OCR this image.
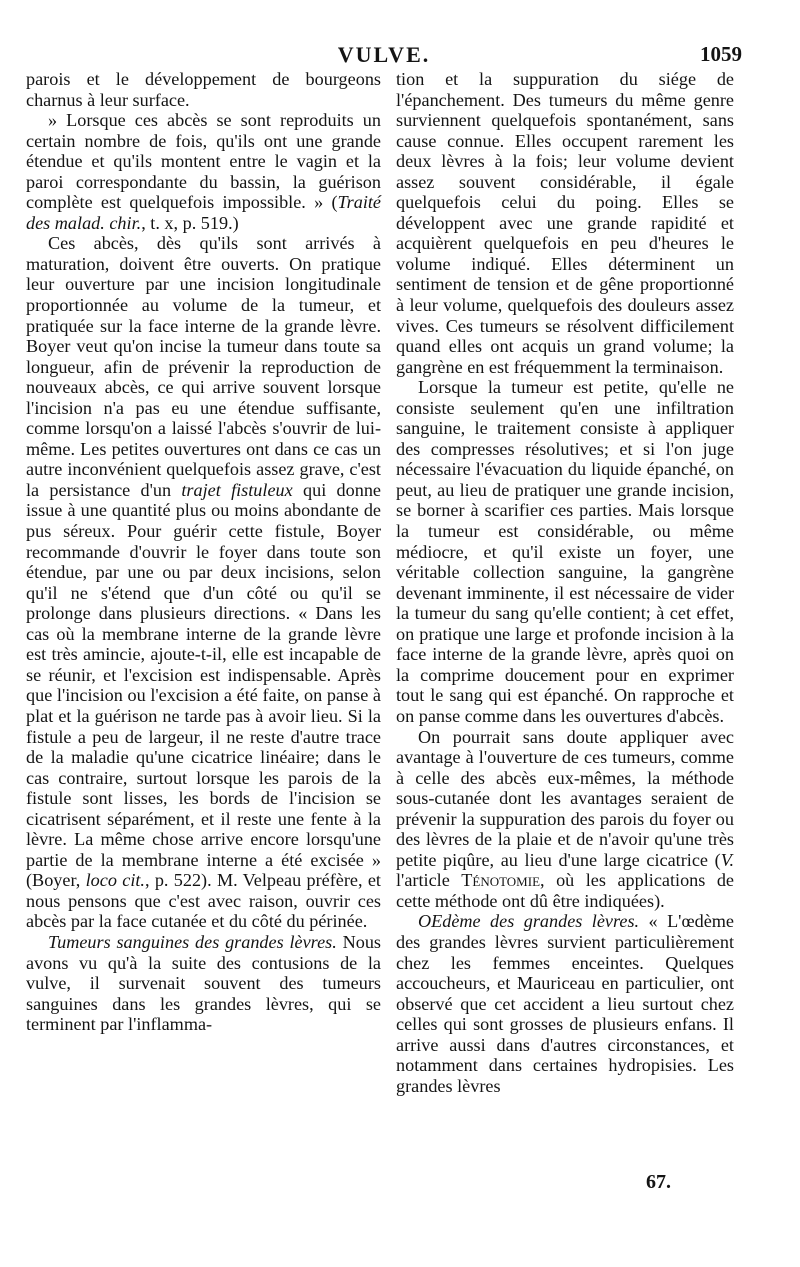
VULVE.	1059

parois et le développement de bourgeons charnus à leur surface.

» Lorsque ces abcès se sont reproduits un certain nombre de fois, qu'ils ont une grande étendue et qu'ils montent entre le vagin et la paroi correspondante du bassin, la guérison complète est quelquefois impossible. » (Traité des malad. chir., t. x, p. 519.)

Ces abcès, dès qu'ils sont arrivés à maturation, doivent être ouverts. On pratique leur ouverture par une incision longitudinale proportionnée au volume de la tumeur, et pratiquée sur la face interne de la grande lèvre. Boyer veut qu'on incise la tumeur dans toute sa longueur, afin de prévenir la reproduction de nouveaux abcès, ce qui arrive souvent lorsque l'incision n'a pas eu une étendue suffisante, comme lorsqu'on a laissé l'abcès s'ouvrir de lui-même. Les petites ouvertures ont dans ce cas un autre inconvénient quelquefois assez grave, c'est la persistance d'un trajet fistuleux qui donne issue à une quantité plus ou moins abondante de pus séreux. Pour guérir cette fistule, Boyer recommande d'ouvrir le foyer dans toute son étendue, par une ou par deux incisions, selon qu'il ne s'étend que d'un côté ou qu'il se prolonge dans plusieurs directions. « Dans les cas où la membrane interne de la grande lèvre est très amincie, ajoute-t-il, elle est incapable de se réunir, et l'excision est indispensable. Après que l'incision ou l'excision a été faite, on panse à plat et la guérison ne tarde pas à avoir lieu. Si la fistule a peu de largeur, il ne reste d'autre trace de la maladie qu'une cicatrice linéaire; dans le cas contraire, surtout lorsque les parois de la fistule sont lisses, les bords de l'incision se cicatrisent séparément, et il reste une fente à la lèvre. La même chose arrive encore lorsqu'une partie de la membrane interne a été excisée » (Boyer, loco cit., p. 522). M. Velpeau préfère, et nous pensons que c'est avec raison, ouvrir ces abcès par la face cutanée et du côté du périnée.

Tumeurs sanguines des grandes lèvres. Nous avons vu qu'à la suite des contusions de la vulve, il survenait souvent des tumeurs sanguines dans les grandes lèvres, qui se terminent par l'inflamma-

tion et la suppuration du siége de l'épanchement. Des tumeurs du même genre surviennent quelquefois spontanément, sans cause connue. Elles occupent rarement les deux lèvres à la fois; leur volume devient assez souvent considérable, il égale quelquefois celui du poing. Elles se développent avec une grande rapidité et acquièrent quelquefois en peu d'heures le volume indiqué. Elles déterminent un sentiment de tension et de gêne proportionné à leur volume, quelquefois des douleurs assez vives. Ces tumeurs se résolvent difficilement quand elles ont acquis un grand volume; la gangrène en est fréquemment la terminaison.

Lorsque la tumeur est petite, qu'elle ne consiste seulement qu'en une infiltration sanguine, le traitement consiste à appliquer des compresses résolutives; et si l'on juge nécessaire l'évacuation du liquide épanché, on peut, au lieu de pratiquer une grande incision, se borner à scarifier ces parties. Mais lorsque la tumeur est considérable, ou même médiocre, et qu'il existe un foyer, une véritable collection sanguine, la gangrène devenant imminente, il est nécessaire de vider la tumeur du sang qu'elle contient; à cet effet, on pratique une large et profonde incision à la face interne de la grande lèvre, après quoi on la comprime doucement pour en exprimer tout le sang qui est épanché. On rapproche et on panse comme dans les ouvertures d'abcès.

On pourrait sans doute appliquer avec avantage à l'ouverture de ces tumeurs, comme à celle des abcès eux-mêmes, la méthode sous-cutanée dont les avantages seraient de prévenir la suppuration des parois du foyer ou des lèvres de la plaie et de n'avoir qu'une très petite piqûre, au lieu d'une large cicatrice (V. l'article Ténotomie, où les applications de cette méthode ont dû être indiquées).

OEdème des grandes lèvres. « L'œdème des grandes lèvres survient particulièrement chez les femmes enceintes. Quelques accoucheurs, et Mauriceau en particulier, ont observé que cet accident a lieu surtout chez celles qui sont grosses de plusieurs enfans. Il arrive aussi dans d'autres circonstances, et notamment dans certaines hydropisies. Les grandes lèvres

67.
